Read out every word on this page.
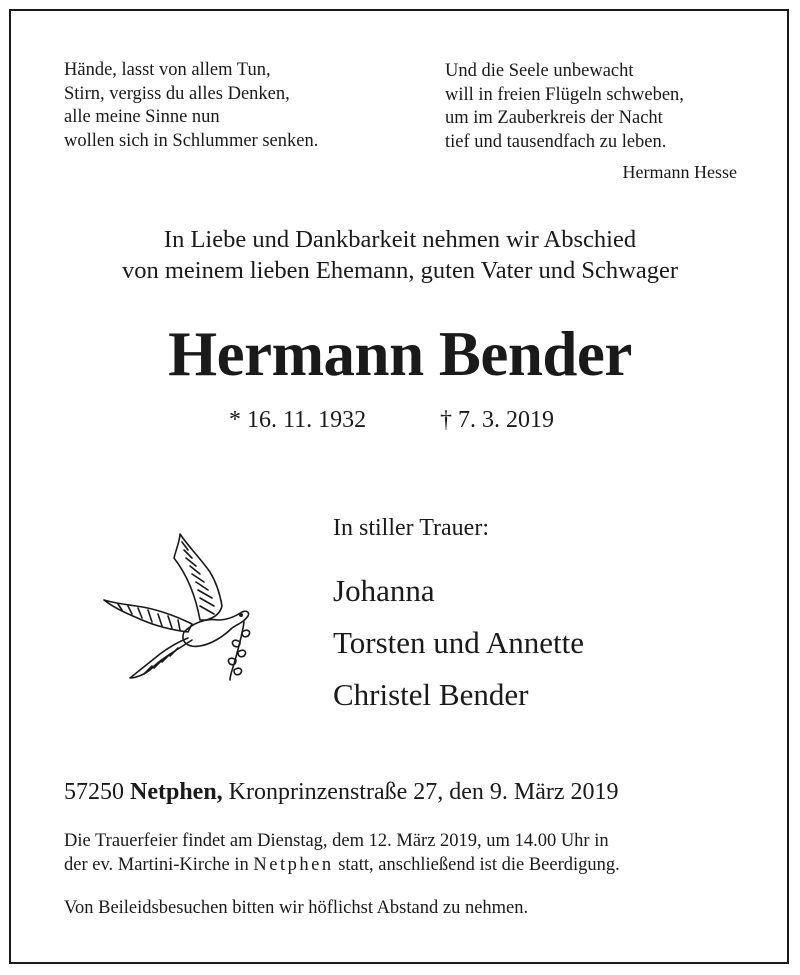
Hände, lasst von allem Tun,
Stirn, vergiss du alles Denken,
alle meine Sinne nun
wollen sich in Schlummer senken.
Und die Seele unbewacht
will in freien Flügeln schweben,
um im Zauberkreis der Nacht
tief und tausendfach zu leben.
Hermann Hesse
In Liebe und Dankbarkeit nehmen wir Abschied
von meinem lieben Ehemann, guten Vater und Schwager
Hermann Bender
* 16. 11. 1932	† 7. 3. 2019
In stiller Trauer:
Johanna
Torsten und Annette
Christel Bender
57250 Netphen, Kronprinzenstraße 27, den 9. März 2019
Die Trauerfeier findet am Dienstag, dem 12. März 2019, um 14.00 Uhr in
der ev. Martini-Kirche in Netphen statt, anschließend ist die Beerdigung.
Von Beileidsbesuchen bitten wir höflichst Abstand zu nehmen.
